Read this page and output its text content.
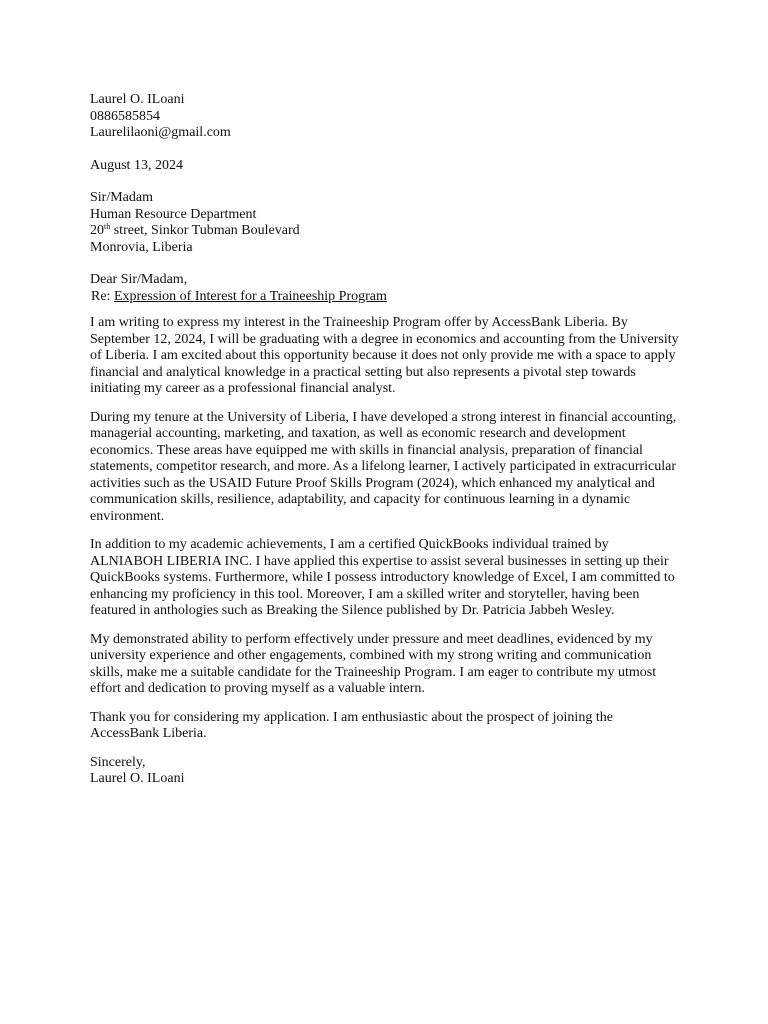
Laurel O. ILoani
0886585854
Laurelilaoni@gmail.com
August 13, 2024
Sir/Madam
Human Resource Department
20th street, Sinkor Tubman Boulevard
Monrovia, Liberia
Dear Sir/Madam,
Re: Expression of Interest for a Traineeship Program

I am writing to express my interest in the Traineeship Program offer by AccessBank Liberia. By September 12, 2024, I will be graduating with a degree in economics and accounting from the University of Liberia. I am excited about this opportunity because it does not only provide me with a space to apply financial and analytical knowledge in a practical setting but also represents a pivotal step towards initiating my career as a professional financial analyst.

During my tenure at the University of Liberia, I have developed a strong interest in financial accounting, managerial accounting, marketing, and taxation, as well as economic research and development economics. These areas have equipped me with skills in financial analysis, preparation of financial statements, competitor research, and more. As a lifelong learner, I actively participated in extracurricular activities such as the USAID Future Proof Skills Program (2024), which enhanced my analytical and communication skills, resilience, adaptability, and capacity for continuous learning in a dynamic environment.

In addition to my academic achievements, I am a certified QuickBooks individual trained by ALNIABOH LIBERIA INC. I have applied this expertise to assist several businesses in setting up their QuickBooks systems. Furthermore, while I possess introductory knowledge of Excel, I am committed to enhancing my proficiency in this tool. Moreover, I am a skilled writer and storyteller, having been featured in anthologies such as Breaking the Silence published by Dr. Patricia Jabbeh Wesley.

My demonstrated ability to perform effectively under pressure and meet deadlines, evidenced by my university experience and other engagements, combined with my strong writing and communication skills, make me a suitable candidate for the Traineeship Program. I am eager to contribute my utmost effort and dedication to proving myself as a valuable intern.

Thank you for considering my application. I am enthusiastic about the prospect of joining the AccessBank Liberia.

Sincerely,
Laurel O. ILoani
